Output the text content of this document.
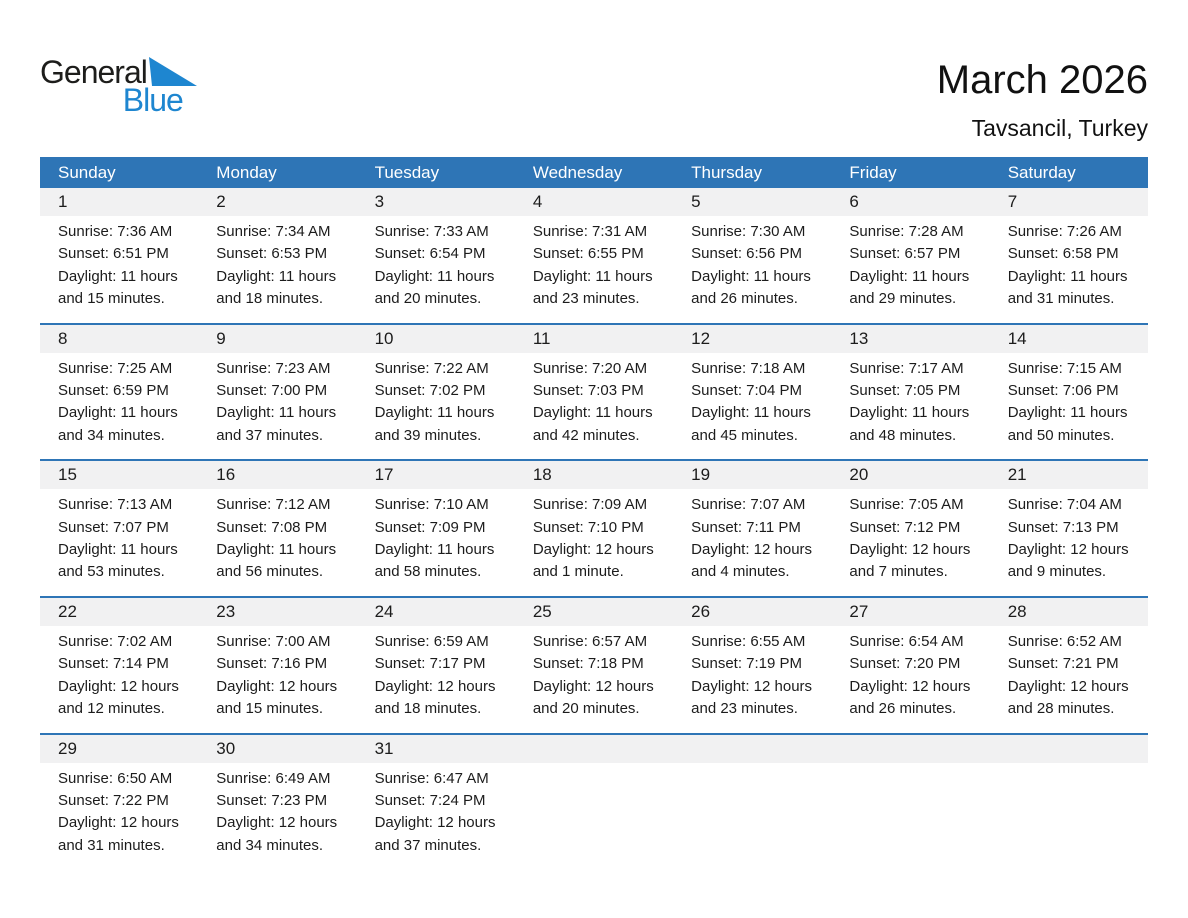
General
Blue	March 2026
Tavsancil, Turkey
Sunday	Monday	Tuesday	Wednesday	Thursday	Friday	Saturday
1	2	3	4	5	6	7
Sunrise: 7:36 AM
Sunset: 6:51 PM
Daylight: 11 hours
and 15 minutes.
Sunrise: 7:34 AM
Sunset: 6:53 PM
Daylight: 11 hours
and 18 minutes.
Sunrise: 7:33 AM
Sunset: 6:54 PM
Daylight: 11 hours
and 20 minutes.
Sunrise: 7:31 AM
Sunset: 6:55 PM
Daylight: 11 hours
and 23 minutes.
Sunrise: 7:30 AM
Sunset: 6:56 PM
Daylight: 11 hours
and 26 minutes.
Sunrise: 7:28 AM
Sunset: 6:57 PM
Daylight: 11 hours
and 29 minutes.
Sunrise: 7:26 AM
Sunset: 6:58 PM
Daylight: 11 hours
and 31 minutes.
8	9	10	11	12	13	14
Sunrise: 7:25 AM
Sunset: 6:59 PM
Daylight: 11 hours
and 34 minutes.
Sunrise: 7:23 AM
Sunset: 7:00 PM
Daylight: 11 hours
and 37 minutes.
Sunrise: 7:22 AM
Sunset: 7:02 PM
Daylight: 11 hours
and 39 minutes.
Sunrise: 7:20 AM
Sunset: 7:03 PM
Daylight: 11 hours
and 42 minutes.
Sunrise: 7:18 AM
Sunset: 7:04 PM
Daylight: 11 hours
and 45 minutes.
Sunrise: 7:17 AM
Sunset: 7:05 PM
Daylight: 11 hours
and 48 minutes.
Sunrise: 7:15 AM
Sunset: 7:06 PM
Daylight: 11 hours
and 50 minutes.
15	16	17	18	19	20	21
Sunrise: 7:13 AM
Sunset: 7:07 PM
Daylight: 11 hours
and 53 minutes.
Sunrise: 7:12 AM
Sunset: 7:08 PM
Daylight: 11 hours
and 56 minutes.
Sunrise: 7:10 AM
Sunset: 7:09 PM
Daylight: 11 hours
and 58 minutes.
Sunrise: 7:09 AM
Sunset: 7:10 PM
Daylight: 12 hours
and 1 minute.
Sunrise: 7:07 AM
Sunset: 7:11 PM
Daylight: 12 hours
and 4 minutes.
Sunrise: 7:05 AM
Sunset: 7:12 PM
Daylight: 12 hours
and 7 minutes.
Sunrise: 7:04 AM
Sunset: 7:13 PM
Daylight: 12 hours
and 9 minutes.
22	23	24	25	26	27	28
Sunrise: 7:02 AM
Sunset: 7:14 PM
Daylight: 12 hours
and 12 minutes.
Sunrise: 7:00 AM
Sunset: 7:16 PM
Daylight: 12 hours
and 15 minutes.
Sunrise: 6:59 AM
Sunset: 7:17 PM
Daylight: 12 hours
and 18 minutes.
Sunrise: 6:57 AM
Sunset: 7:18 PM
Daylight: 12 hours
and 20 minutes.
Sunrise: 6:55 AM
Sunset: 7:19 PM
Daylight: 12 hours
and 23 minutes.
Sunrise: 6:54 AM
Sunset: 7:20 PM
Daylight: 12 hours
and 26 minutes.
Sunrise: 6:52 AM
Sunset: 7:21 PM
Daylight: 12 hours
and 28 minutes.
29	30	31
Sunrise: 6:50 AM
Sunset: 7:22 PM
Daylight: 12 hours
and 31 minutes.
Sunrise: 6:49 AM
Sunset: 7:23 PM
Daylight: 12 hours
and 34 minutes.
Sunrise: 6:47 AM
Sunset: 7:24 PM
Daylight: 12 hours
and 37 minutes.
